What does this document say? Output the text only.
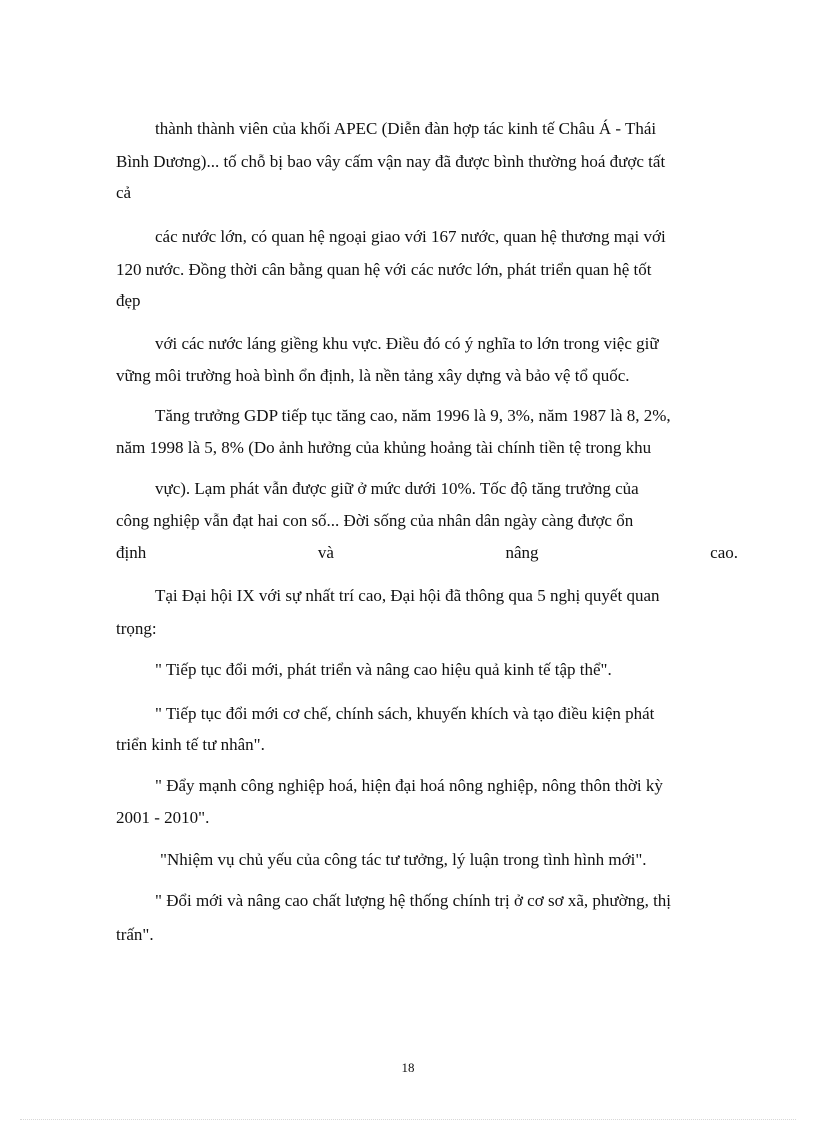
thành thành viên của khối APEC (Diễn đàn hợp tác kinh tế Châu Á - Thái
Bình Dương)... tố chỗ bị bao vây cấm vận nay đã được bình thường hoá được tất
cả
các nước lớn, có quan hệ ngoại giao với 167 nước, quan hệ thương mại với
120 nước. Đồng thời cân bằng quan hệ với các nước lớn, phát triển quan hệ tốt
đẹp
với các nước láng giềng khu vực. Điều đó có ý nghĩa to lớn trong việc giữ
vững môi trường hoà bình ổn định, là nền tảng xây dựng và bảo vệ tổ quốc.
Tăng trưởng GDP tiếp tục tăng cao, năm 1996 là 9, 3%, năm 1987 là 8, 2%,
năm 1998 là 5, 8% (Do ảnh hưởng của khủng hoảng tài chính tiền tệ trong khu
vực). Lạm phát vẫn được giữ ở mức dưới 10%. Tốc độ tăng trưởng của
công nghiệp vẫn đạt hai con số... Đời sống của nhân dân ngày càng được ổn
định	và	nâng	cao.
Tại Đại hội IX với sự nhất trí cao, Đại hội đã thông qua 5 nghị quyết quan
trọng:
" Tiếp tục đổi mới, phát triển và nâng cao hiệu quả kinh tế tập thể".
" Tiếp tục đổi mới cơ chế, chính sách, khuyến khích và tạo điều kiện phát
triển kinh tế tư nhân".
" Đẩy mạnh công nghiệp hoá, hiện đại hoá nông nghiệp, nông thôn thời kỳ
2001 - 2010".
"Nhiệm vụ chủ yếu của công tác tư tưởng, lý luận trong tình hình mới".
" Đổi mới và nâng cao chất lượng hệ thống chính trị ở cơ sơ xã, phường, thị
trấn".
18
